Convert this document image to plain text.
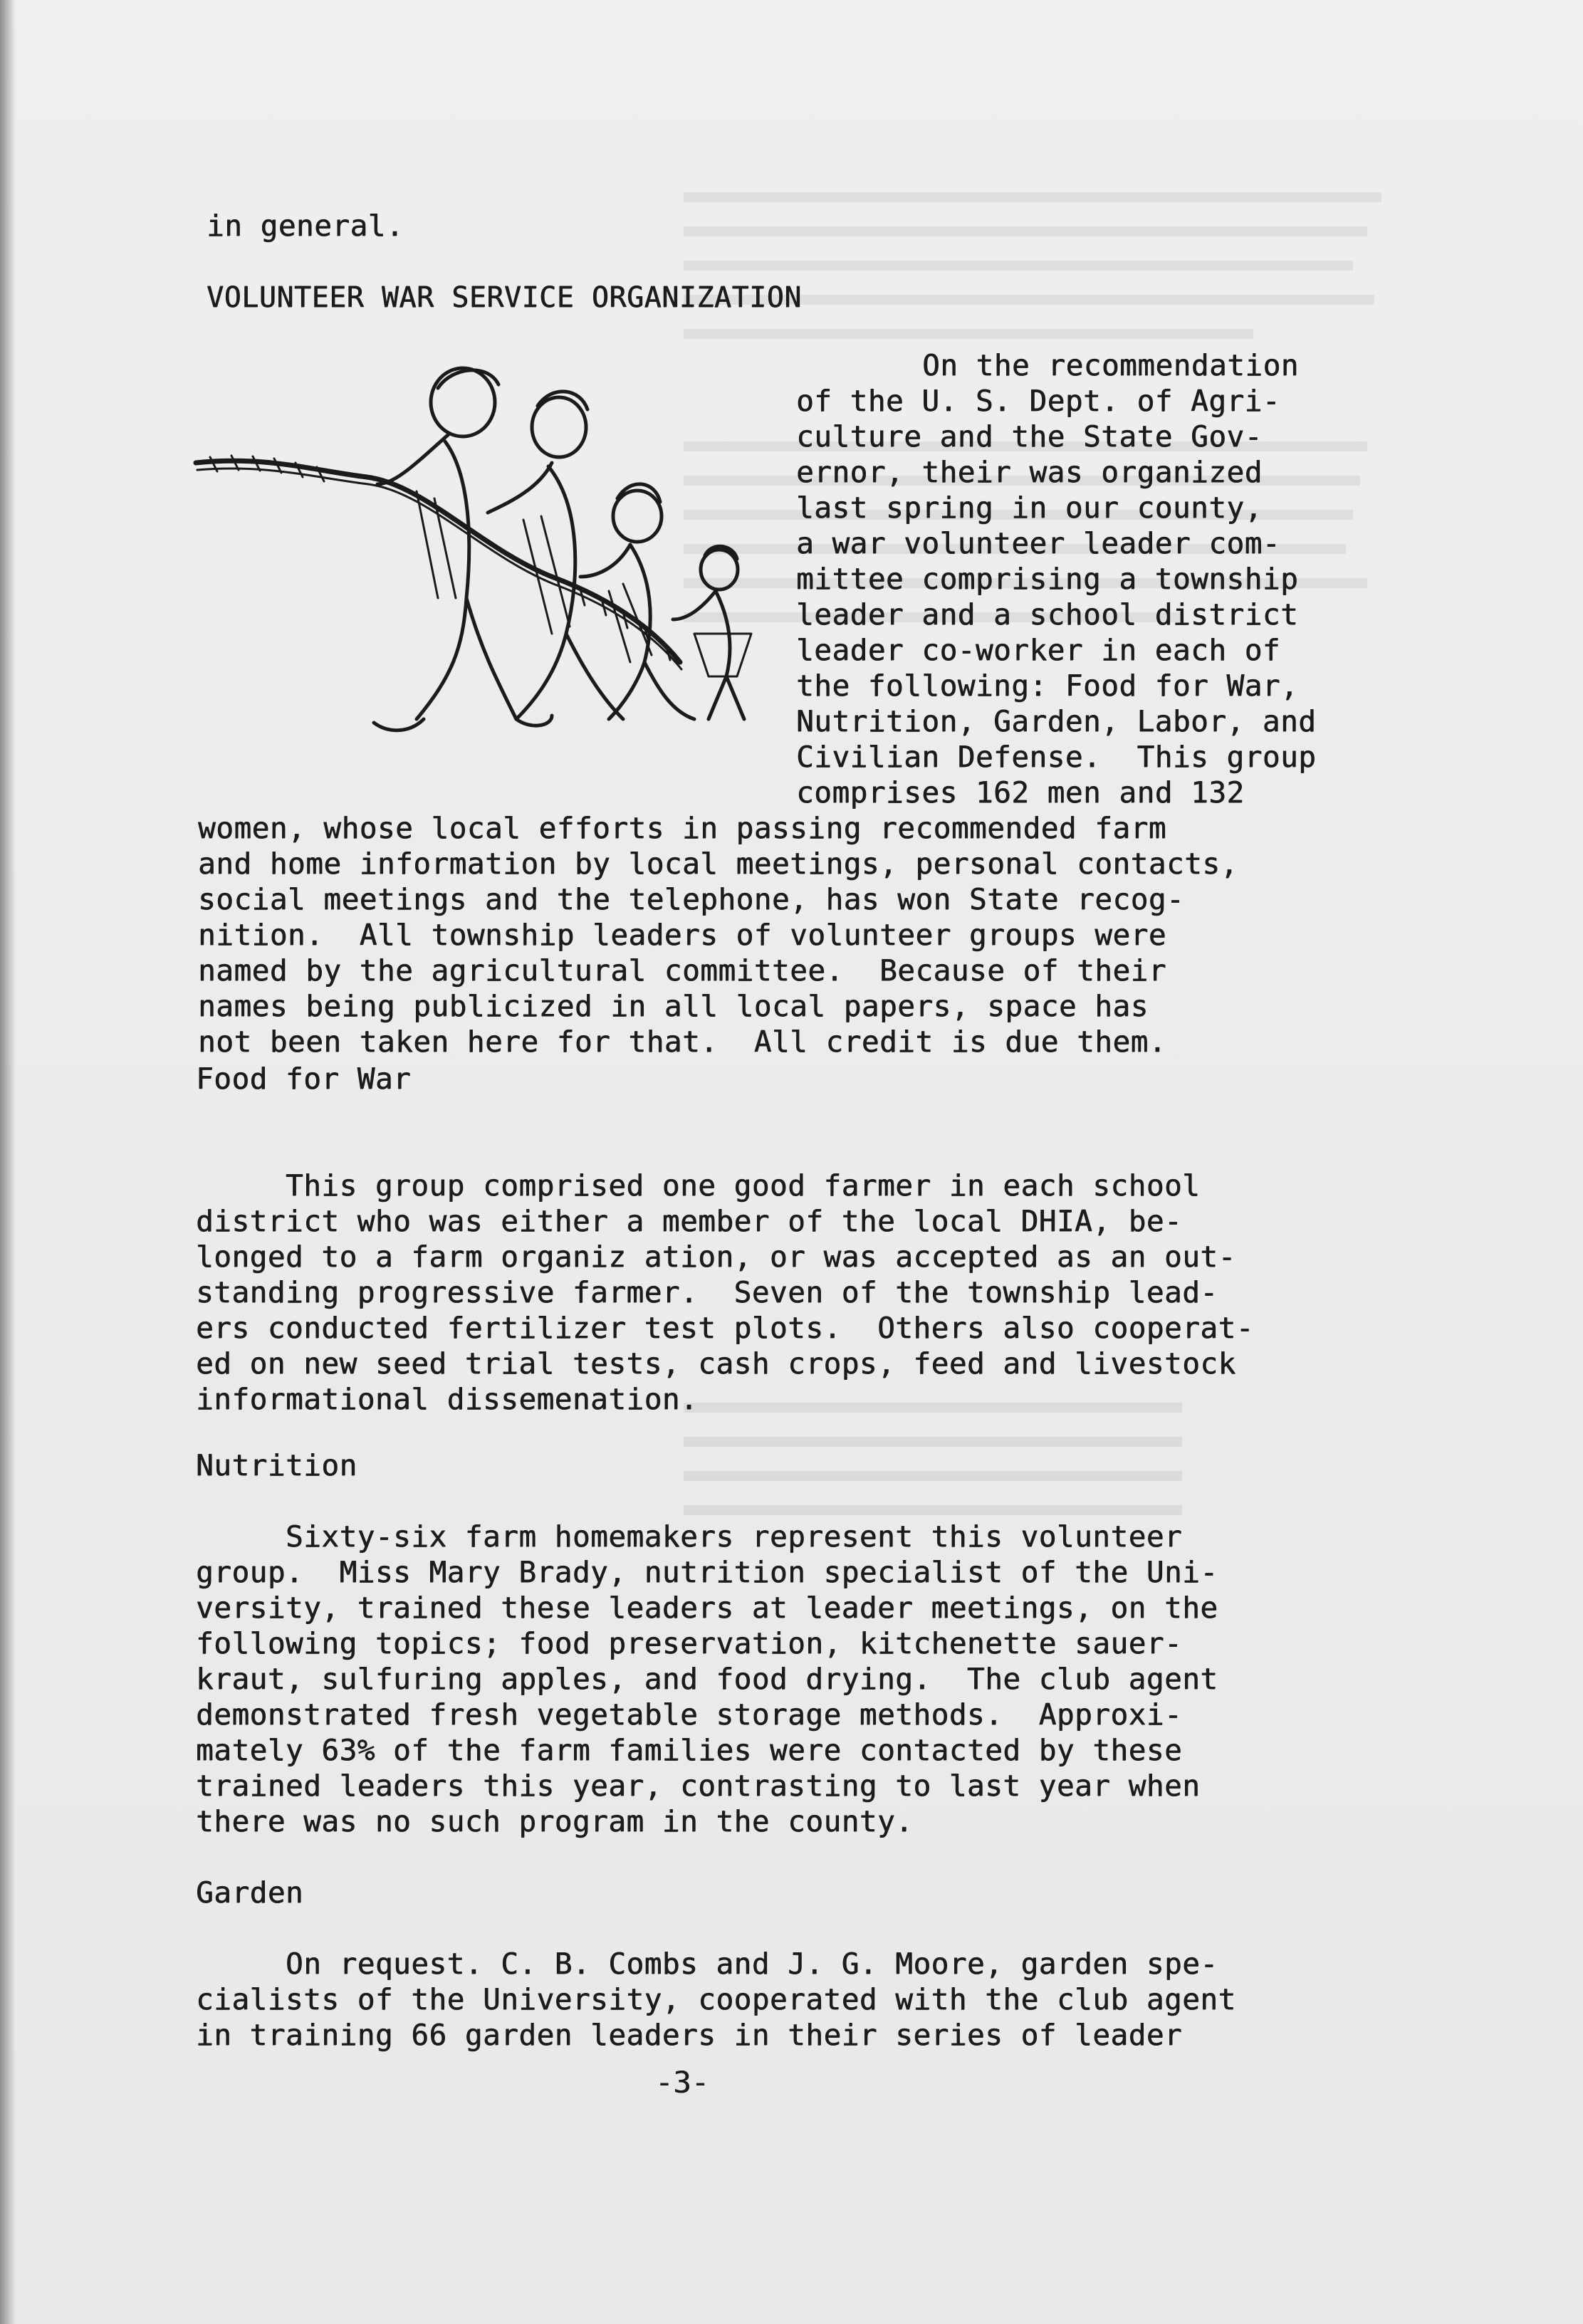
in general.
VOLUNTEER WAR SERVICE ORGANIZATION
On the recommendation
of the U. S. Dept. of Agri-
culture and the State Gov-
ernor, their was organized
last spring in our county,
a war volunteer leader com-
mittee comprising a township
leader and a school district
leader co-worker in each of
the following: Food for War,
Nutrition, Garden, Labor, and
Civilian Defense.  This group
comprises 162 men and 132
women, whose local efforts in passing recommended farm
and home information by local meetings, personal contacts,
social meetings and the telephone, has won State recog-
nition.  All township leaders of volunteer groups were
named by the agricultural committee.  Because of their
names being publicized in all local papers, space has
not been taken here for that.  All credit is due them.
Food for War
This group comprised one good farmer in each school
district who was either a member of the local DHIA, be-
longed to a farm organiz ation, or was accepted as an out-
standing progressive farmer.  Seven of the township lead-
ers conducted fertilizer test plots.  Others also cooperat-
ed on new seed trial tests, cash crops, feed and livestock
informational dissemenation.
Nutrition
Sixty-six farm homemakers represent this volunteer
group.  Miss Mary Brady, nutrition specialist of the Uni-
versity, trained these leaders at leader meetings, on the
following topics; food preservation, kitchenette sauer-
kraut, sulfuring apples, and food drying.  The club agent
demonstrated fresh vegetable storage methods.  Approxi-
mately 63% of the farm families were contacted by these
trained leaders this year, contrasting to last year when
there was no such program in the county.
Garden
On request. C. B. Combs and J. G. Moore, garden spe-
cialists of the University, cooperated with the club agent
in training 66 garden leaders in their series of leader
-3-
